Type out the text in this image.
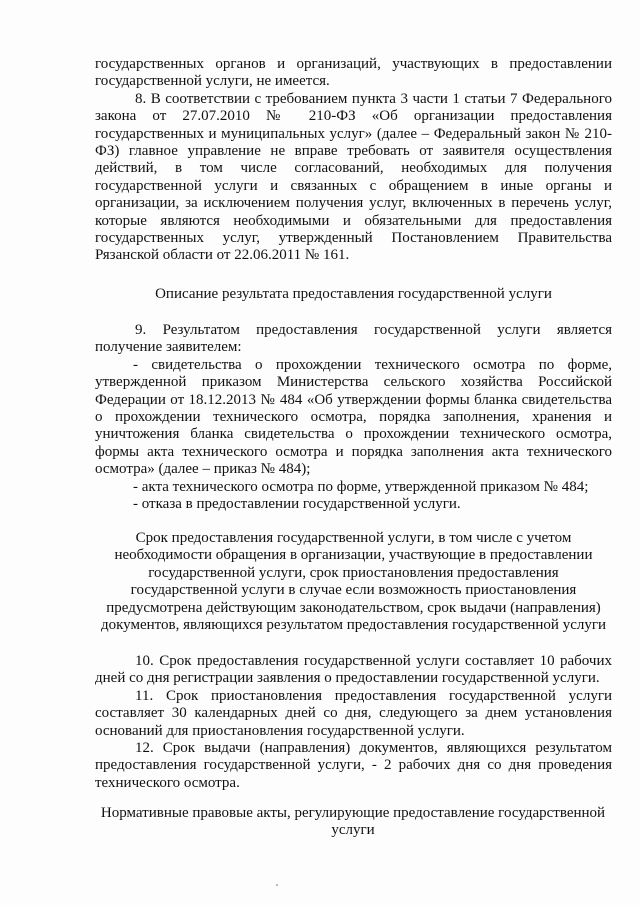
государственных органов и организаций, участвующих в предоставлении государственной услуги, не имеется.

8. В соответствии с требованием пункта 3 части 1 статьи 7 Федерального закона от 27.07.2010 № 210-ФЗ «Об организации предоставления государственных и муниципальных услуг» (далее – Федеральный закон № 210-ФЗ) главное управление не вправе требовать от заявителя осуществления действий, в том числе согласований, необходимых для получения государственной услуги и связанных с обращением в иные органы и организации, за исключением получения услуг, включенных в перечень услуг, которые являются необходимыми и обязательными для предоставления государственных услуг, утвержденный Постановлением Правительства Рязанской области от 22.06.2011 № 161.

Описание результата предоставления государственной услуги

9. Результатом предоставления государственной услуги является получение заявителем:

- свидетельства о прохождении технического осмотра по форме, утвержденной приказом Министерства сельского хозяйства Российской Федерации от 18.12.2013 № 484 «Об утверждении формы бланка свидетельства о прохождении технического осмотра, порядка заполнения, хранения и уничтожения бланка свидетельства о прохождении технического осмотра, формы акта технического осмотра и порядка заполнения акта технического осмотра» (далее – приказ № 484);

- акта технического осмотра по форме, утвержденной приказом № 484;

- отказа в предоставлении государственной услуги.

Срок предоставления государственной услуги, в том числе с учетом
необходимости обращения в организации, участвующие в предоставлении
государственной услуги, срок приостановления предоставления
государственной услуги в случае если возможность приостановления
предусмотрена действующим законодательством, срок выдачи (направления)
документов, являющихся результатом предоставления государственной услуги

10. Срок предоставления государственной услуги составляет 10 рабочих дней со дня регистрации заявления о предоставлении государственной услуги.

11. Срок приостановления предоставления государственной услуги составляет 30 календарных дней со дня, следующего за днем установления оснований для приостановления государственной услуги.

12. Срок выдачи (направления) документов, являющихся результатом предоставления государственной услуги, - 2 рабочих дня со дня проведения технического осмотра.

Нормативные правовые акты, регулирующие предоставление государственной
услуги
